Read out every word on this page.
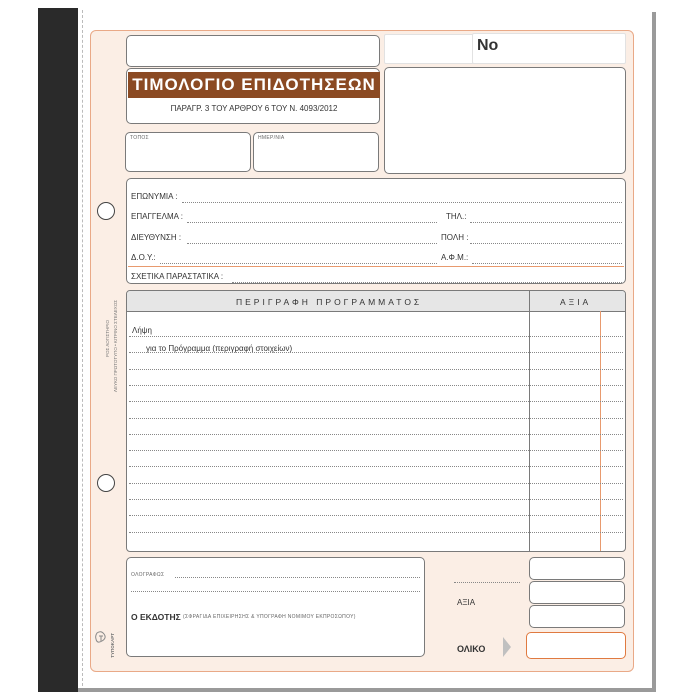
ΡΟΣ ΛΟΓΙΣΤΗΡΙΟ ΛΕΥΚΟ ΠΡΩΤΟΤΥΠΟ • ΚΙΤΡΙΝΟ ΣΤΕΛΕΧΟΣ
ΤΥΠΟΚΑΡΤ
ΤΙΜΟΛΟΓΙΟ ΕΠΙΔΟΤΗΣΕΩΝ
ΠΑΡΑΓΡ. 3 ΤΟΥ ΑΡΘΡΟΥ 6 ΤΟΥ Ν. 4093/2012
ΤΟΠΟΣ	ΗΜΕΡ/ΝΙΑ
No
ΕΠΩΝΥΜΙΑ :
ΕΠΑΓΓΕΛΜΑ :	ΤΗΛ.:
ΔΙΕΥΘΥΝΣΗ :	ΠΟΛΗ :
Δ.Ο.Υ.:	Α.Φ.Μ.:
ΣΧΕΤΙΚΑ ΠΑΡΑΣΤΑΤΙΚΑ :
ΠΕΡΙΓΡΑΦΗ ΠΡΟΓΡΑΜΜΑΤΟΣ	ΑΞΙΑ
Λήψη
για το Πρόγραμμα (περιγραφή στοιχείων)
ΟΛΟΓΡΑΦΩΣ
Ο ΕΚΔΟΤΗΣ (ΣΦΡΑΓΙΔΑ ΕΠΙΧΕΙΡΗΣΗΣ & ΥΠΟΓΡΑΦΗ ΝΟΜΙΜΟΥ ΕΚΠΡΟΣΩΠΟΥ)
ΑΞΙΑ
ΟΛΙΚΟ
